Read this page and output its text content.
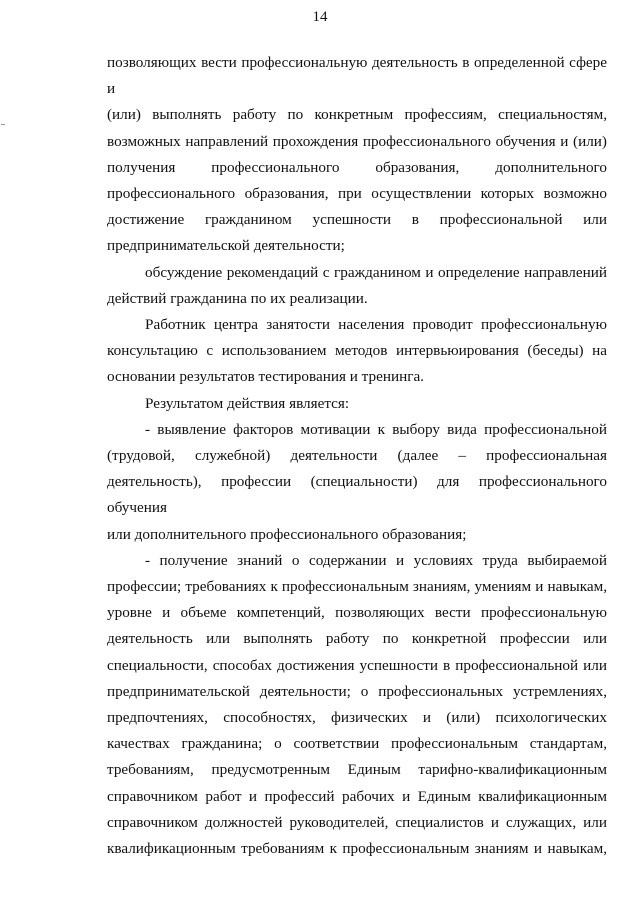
14

позволяющих вести профессиональную деятельность в определенной сфере и
(или) выполнять работу по конкретным профессиям, специальностям,
возможных направлений прохождения профессионального обучения и (или)
получения профессионального образования, дополнительного
профессионального образования, при осуществлении которых возможно
достижение гражданином успешности в профессиональной или
предпринимательской деятельности;

обсуждение рекомендаций с гражданином и определение направлений
действий гражданина по их реализации.

Работник центра занятости населения проводит профессиональную
консультацию с использованием методов интервьюирования (беседы) на
основании результатов тестирования и тренинга.

Результатом действия является:

- выявление факторов мотивации к выбору вида профессиональной
(трудовой, служебной) деятельности (далее – профессиональная
деятельность), профессии (специальности) для профессионального обучения
или дополнительного профессионального образования;

- получение знаний о содержании и условиях труда выбираемой
профессии; требованиях к профессиональным знаниям, умениям и навыкам,
уровне и объеме компетенций, позволяющих вести профессиональную
деятельность или выполнять работу по конкретной профессии или
специальности, способах достижения успешности в профессиональной или
предпринимательской деятельности; о профессиональных устремлениях,
предпочтениях, способностях, физических и (или) психологических
качествах гражданина; о соответствии профессиональным стандартам,
требованиям, предусмотренным Единым тарифно-квалификационным
справочником работ и профессий рабочих и Единым квалификационным
справочником должностей руководителей, специалистов и служащих, или
квалификационным требованиям к профессиональным знаниям и навыкам,
